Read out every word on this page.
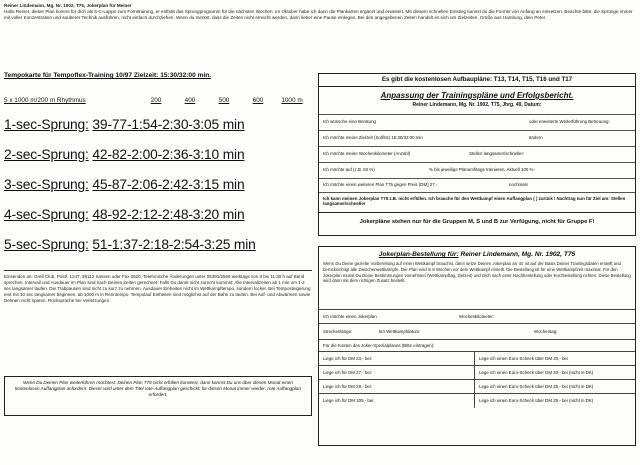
Reiner Lindemann, Mg. Nr. 1902, T75, Jokerplan für Meiner
Hallo Reiner, dieser Plan kommt für dich als 5-C-Lappe zum Formtraining, er enthält das Sprungprogramm für die nächsten Wochen. Im Oktober habe ich dann die Plankarten ergänzt und erweitert. Mit diesem schnellen Einstieg kannst du die Formel von Anfang an einsetzen. Beachte bitte: die Sprünge immer mit voller Konzentration und sauberer Technik ausführen, nicht einfach durchziehen. Wenn du merkst, dass die Zeiten nicht erreicht werden, dann lieber eine Pause einlegen. Bei den angegebenen Zeiten handelt es sich um Zielzeiten. Grüße aus Hamburg, dein Peter.
Tempokarte für Tempoflex-Training 10/97 Zielzeit: 15:30/32:00 min.
5 x 1000 m/200 m Rhythmus	200	400	500	600	1000 m
1-sec-Sprung: 39-77-1:54-2:30-3:05 min
2-sec-Sprung: 42-82-2:00-2:36-3:10 min
3-sec-Sprung: 45-87-2:06-2:42-3:15 min
4-sec-Sprung: 48-92-2:12-2:48-3:20 min
5-sec-Sprung: 51-1:37-2:18-2:54-3:25 min
Einsenden an: Greif Club, Postf. 1247, 38112 Sassen oder Fax 0620. Telefonische Änderungen unter 05391/2569 werktags von 8 bis 11:30 h auf Band sprechen. Intervall und Ausdauer im Plan sind nach Deinen Zeiten gerechnet. Falls Du damit nicht zurecht kommst: Alle Intervallzeiten ab 1 min um 1-2 sec langsamer laufen. Die Trabpausen sind nicht zu kurz zu nehmen. Ausdauer Einheiten nicht im Wettkampftempo, sondern locker. Bei Temposteigerung erst mit 10 sec langsamer beginnen, ab 1000 m in Renntempo. Tempolauf Einheiten sind möglichst auf der Bahn zu laufen. Bei Auf- und Abwärmen sowie Dehnen nicht sparen. Rücksprache bei Verletzungen.
Wenn Du Deinen Plan weiterführen möchtest: Deinen Plan T75 nicht erfüllen konntest, dann kannst Du uns über diesen Monat einen kostenlosen Auffangplan anfordern. Dieser wird unter dem Titel rote-Auffangplan geschickt: für diesen Monat immer wieder: rote Auffangplan erfordert.
Es gibt die kostenlosen Aufbaupläne: T13, T14, T15, T16 und T17
Anpassung der Trainingspläne und Erfolgsbericht.
Reiner Lindemann, Mg. Nr. 1902, T75, Jhrg. 49, Datum:
Ich wünsche eine Beratung	oder erweiterte Weiterführung Betreuung:
Ich möchte meine Zielzeit (Soll/Ist) 15:30/32:00 min	ändern
Ich möchte meine Wochenkilometer (Anzahl)	Stellen langsamer/schneller:
Ich möchte auf (z.B. 82 %)	% bis jeweilige Planumfänge trainieren. Aktuell 100 %:
Ich möchte einen weiteren Plan T75 gegen Preis (DM) 27.-	nochmals
Ich kann meinen Jokerplan T75 z.B. nicht erfüllen. Ich brauche für den Wettkampf einen Auffangplan ( ) zurück / Nachtrag nun für Ziel am: Stellen langsamer/schneller
Jokerpläne stehen nur für die Gruppen M, S und B zur Verfügung, nicht für Gruppe F!
Jokerplan-Bestellung für: Reiner Lindemann, Mg. Nr. 1902, T75
Wenn Du Deine gezielte Vorbereitung auf einen Wettkampf brauchst, dann setze Deinen Jokerplan an. Er ist auf der Basis Deiner Trainingsdaten erstellt und berücksichtigt alle Zwischenwettkämpfe. Der Plan wird in 8 Wochen vor dem Wettkampf erstellt. Die Bestellung ist für eine Wettkampfzeit maximal. Für den Jokerplan musst Du Deine Bestimmungen vornehmen (Wettkampftag, Zielzeit) und Dich nach einer Nachbestellung oder Kurzbestellung richten. Diese Bestellung wird dann mit dem richtigen Zusatz bestellt.
Ich möchte einen Jokerplan	Wochenkilometer:
Streckenlänge:	km Wettkampfdatum:	Wochentag:
Für die Kosten des Joker-Spezialplanes (Bitte eintragen):
Liege ich für DM 23,- bei:	Lege ich einen Euro-Scheck über DM 20,- bei
Liege ich für DM 27,- bei:	Lege ich einen Euro-Scheck über DM 20,- bei (nicht in DK)
Liege ich für DM 29,- bei:	Lege ich einen Euro-Scheck über DM 25,- bei (nicht in DK)
Liege ich für DM 105,- bei:	Lege ich einen Euro-Scheck über DM 25,- bei (nicht in DK)
